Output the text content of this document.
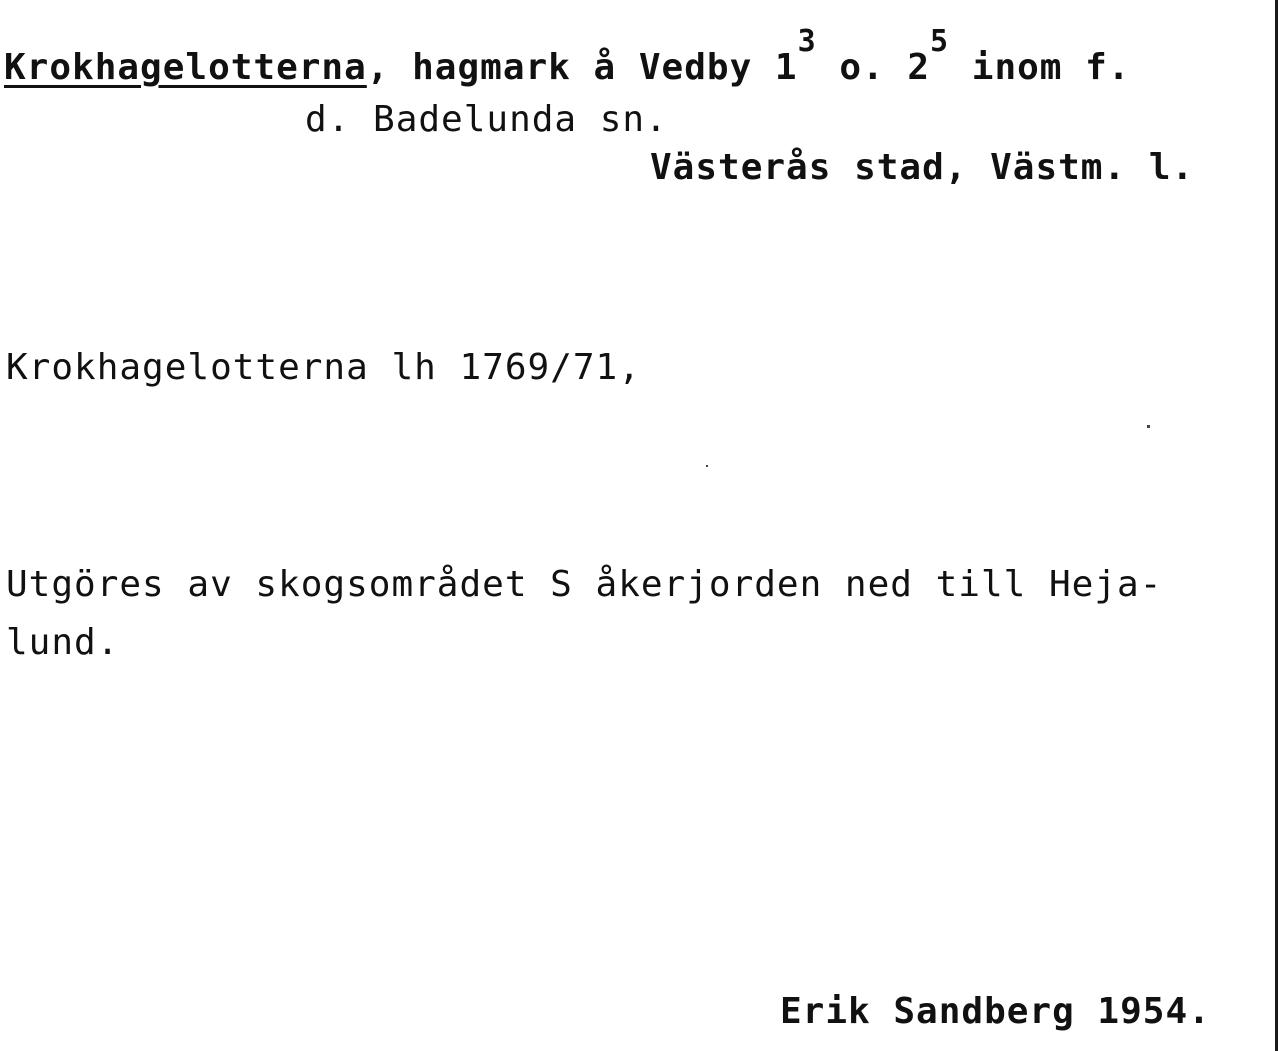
Krokhagelotterna, hagmark å Vedby $1^3$ o. $2^5$ inom f.
d. Badelunda sn.
Västerås stad, Västm. l.
Krokhagelotterna lh 1769/71,
Utgöres av skogsområdet S åkerjorden ned till Heja-
lund.
Erik Sandberg 1954.
